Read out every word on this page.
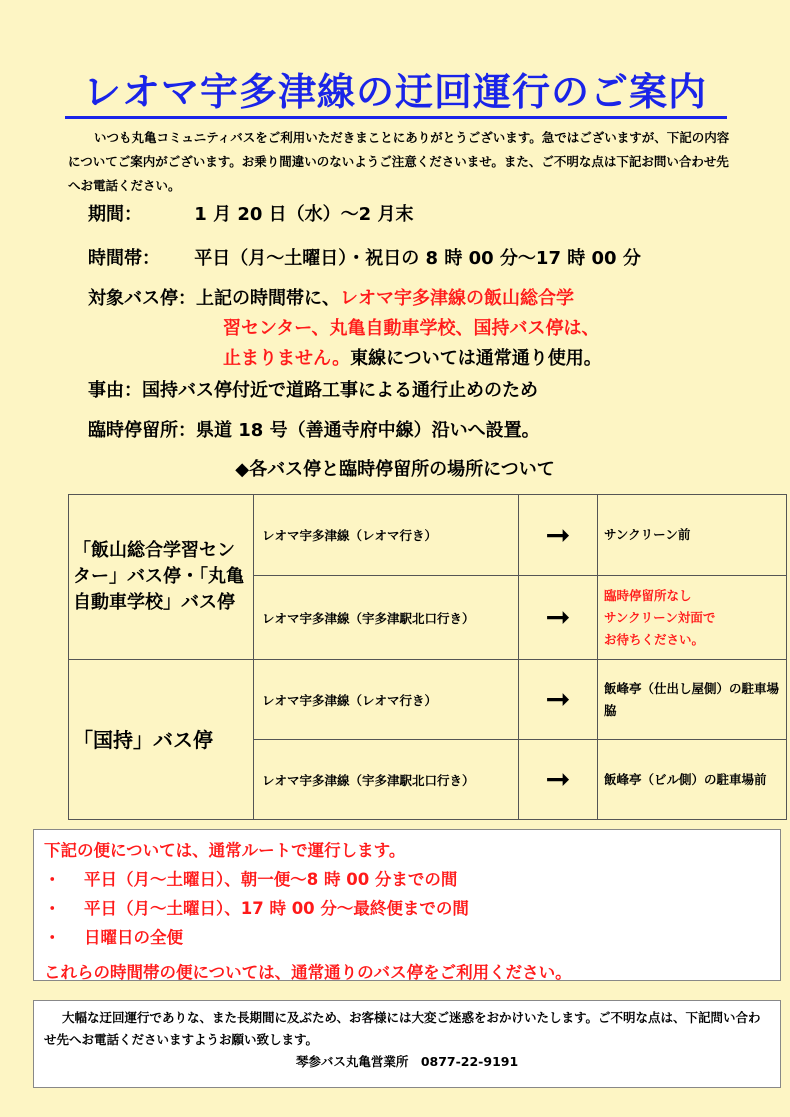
レオマ宇多津線の迂回運行のご案内
いつも丸亀コミュニティバスをご利用いただきまことにありがとうございます。急ではございますが、下記の内容についてご案内がございます。お乗り間違いのないようご注意くださいませ。また、ご不明な点は下記お問い合わせ先へお電話ください。
期間：	1 月 20 日（水）～2 月末
時間帯： 平日（月～土曜日）・祝日の 8 時 00 分～17 時 00 分
対象バス停：上記の時間帯に、レオマ宇多津線の飯山総合学
習センター、丸亀自動車学校、国持バス停は、
止まりません。東線については通常通り使用。
事由：国持バス停付近で道路工事による通行止めのため
臨時停留所：県道 18 号（善通寺府中線）沿いへ設置。
◆各バス停と臨時停留所の場所について
「飯山総合学習センター」バス停・「丸亀自動車学校」バス停	レオマ宇多津線（レオマ行き）	➞	サンクリーン前
	レオマ宇多津線（宇多津駅北口行き）	➞	臨時停留所なし
サンクリーン対面で
お待ちください。

「国持」バス停	レオマ宇多津線（レオマ行き）	➞	飯峰亭（仕出し屋側）の駐車場脇
	レオマ宇多津線（宇多津駅北口行き）	➞	飯峰亭（ビル側）の駐車場前
下記の便については、通常ルートで運行します。
・ 平日（月～土曜日）、朝一便～8 時 00 分までの間
・ 平日（月～土曜日）、17 時 00 分～最終便までの間
・ 日曜日の全便
これらの時間帯の便については、通常通りのバス停をご利用ください。
大幅な迂回運行でありな、また長期間に及ぶため、お客様には大変ご迷惑をおかけいたします。ご不明な点は、下記問い合わせ先へお電話くださいますようお願い致します。
琴参バス丸亀営業所　0877-22-9191
